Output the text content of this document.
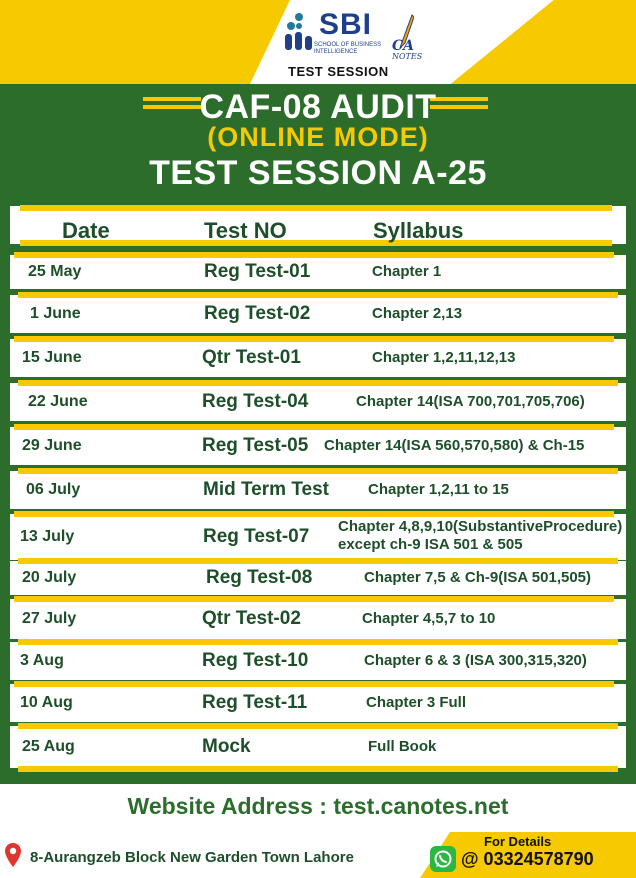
SBI
SCHOOL OF BUSINESS
INTELLIGENCE	CA
NOTES
TEST SESSION
CAF-08 AUDIT
(ONLINE MODE)
TEST SESSION A-25
Date	Test NO	Syllabus
25 May	Reg Test-01	Chapter 1
1 June	Reg Test-02	Chapter 2,13
15 June	Qtr Test-01	Chapter 1,2,11,12,13
22 June	Reg Test-04	Chapter 14(ISA 700,701,705,706)
29 June	Reg Test-05 Chapter 14(ISA 560,570,580) & Ch-15
06 July	Mid Term Test	Chapter 1,2,11 to 15
13 July	Reg Test-07 Chapter 4,8,9,10(SubstantiveProcedure)
except ch-9 ISA 501 & 505
20 July	Reg Test-08	Chapter 7,5 & Ch-9(ISA 501,505)
27 July	Qtr Test-02	Chapter 4,5,7 to 10
3 Aug	Reg Test-10	Chapter 6 & 3 (ISA 300,315,320)
10 Aug	Reg Test-11	Chapter 3 Full
25 Aug	Mock	Full Book
Website Address : test.canotes.net
8-Aurangzeb Block New Garden Town Lahore
For Details
@ 03324578790
